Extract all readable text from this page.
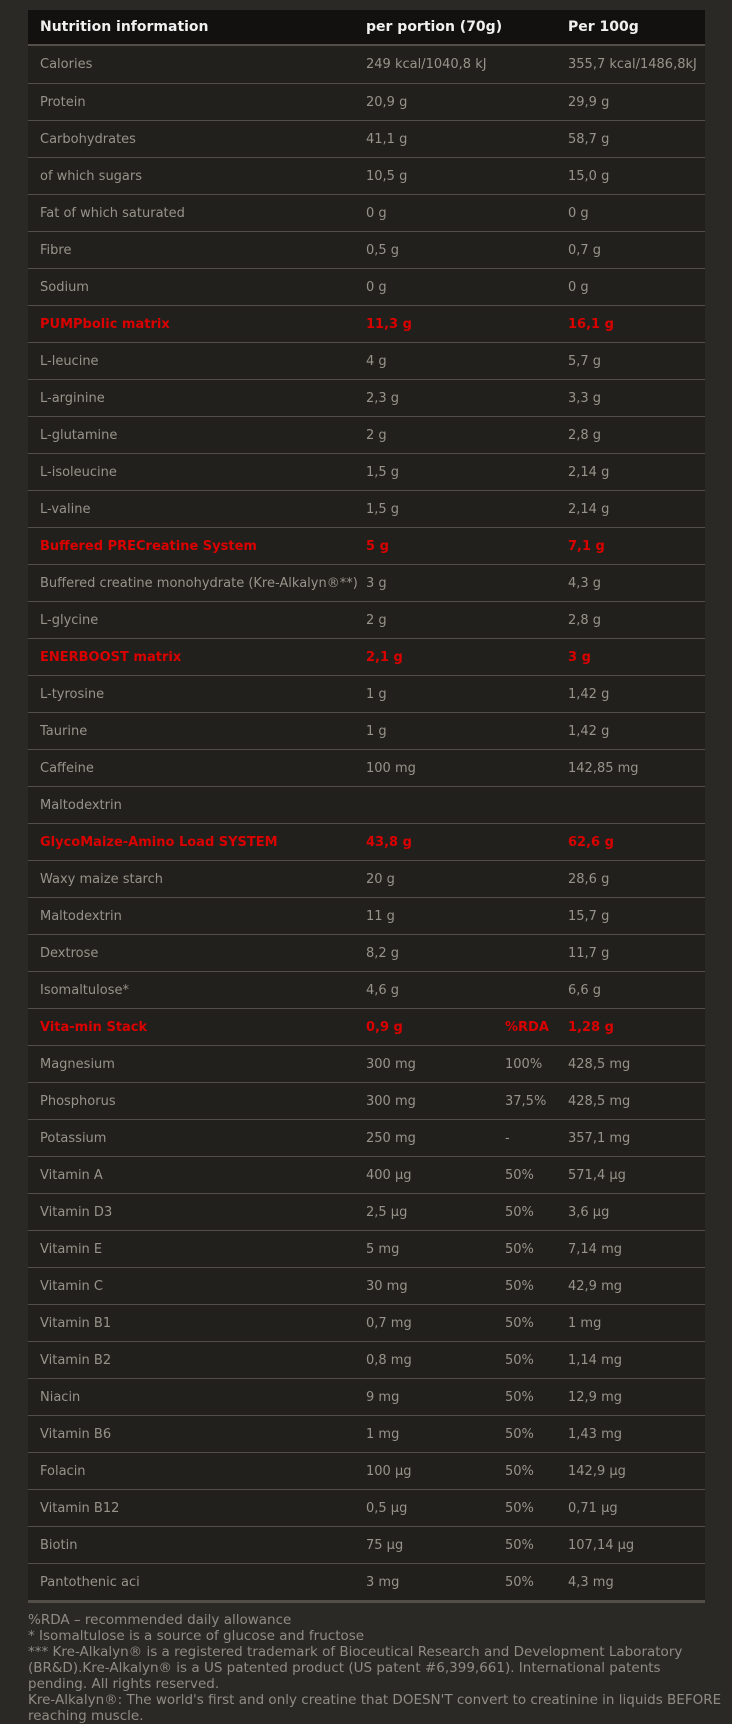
Nutrition information	per portion (70g)	Per 100g
Calories	249 kcal/1040,8 kJ	355,7 kcal/1486,8kJ
Protein	20,9 g	29,9 g
Carbohydrates	41,1 g	58,7 g
of which sugars	10,5 g	15,0 g
Fat of which saturated	0 g	0 g
Fibre	0,5 g	0,7 g
Sodium	0 g	0 g
PUMPbolic matrix	11,3 g	16,1 g
L-leucine	4 g	5,7 g
L-arginine	2,3 g	3,3 g
L-glutamine	2 g	2,8 g
L-isoleucine	1,5 g	2,14 g
L-valine	1,5 g	2,14 g
Buffered PRECreatine System	5 g	7,1 g
Buffered creatine monohydrate (Kre-Alkalyn®**) 3 g	4,3 g
L-glycine	2 g	2,8 g
ENERBOOST matrix	2,1 g	3 g
L-tyrosine	1 g	1,42 g
Taurine	1 g	1,42 g
Caffeine	100 mg	142,85 mg
Maltodextrin
GlycoMaize-Amino Load SYSTEM	43,8 g	62,6 g
Waxy maize starch	20 g	28,6 g
Maltodextrin	11 g	15,7 g
Dextrose	8,2 g	11,7 g
Isomaltulose*	4,6 g	6,6 g
Vita-min Stack	0,9 g	%RDA	1,28 g
Magnesium	300 mg	100%	428,5 mg
Phosphorus	300 mg	37,5%	428,5 mg
Potassium	250 mg	-	357,1 mg
Vitamin A	400 µg	50%	571,4 µg
Vitamin D3	2,5 µg	50%	3,6 µg
Vitamin E	5 mg	50%	7,14 mg
Vitamin C	30 mg	50%	42,9 mg
Vitamin B1	0,7 mg	50%	1 mg
Vitamin B2	0,8 mg	50%	1,14 mg
Niacin	9 mg	50%	12,9 mg
Vitamin B6	1 mg	50%	1,43 mg
Folacin	100 µg	50%	142,9 µg
Vitamin B12	0,5 µg	50%	0,71 µg
Biotin	75 µg	50%	107,14 µg
Pantothenic aci	3 mg	50%	4,3 mg

%RDA – recommended daily allowance

* Isomaltulose is a source of glucose and fructose

*** Kre-Alkalyn® is a registered trademark of Bioceutical Research and Development Laboratory (BR&D).Kre-Alkalyn® is a US patented product (US patent #6,399,661). International patents pending. All rights reserved.

Kre-Alkalyn®: The world's first and only creatine that DOESN'T convert to creatinine in liquids BEFORE reaching muscle.
